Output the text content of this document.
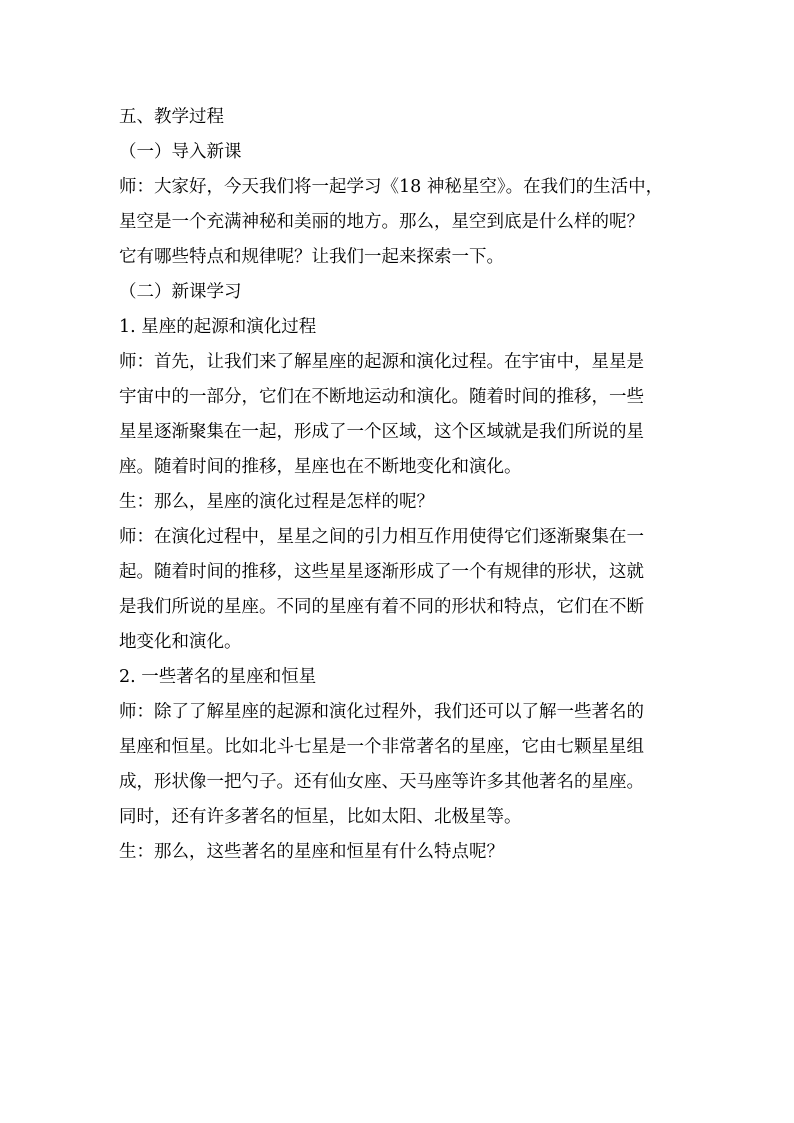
五、教学过程
（一）导入新课
师：大家好，今天我们将一起学习《18 神秘星空》。在我们的生活中，
星空是一个充满神秘和美丽的地方。那么，星空到底是什么样的呢？
它有哪些特点和规律呢？让我们一起来探索一下。
（二）新课学习
1. 星座的起源和演化过程
师：首先，让我们来了解星座的起源和演化过程。在宇宙中，星星是
宇宙中的一部分，它们在不断地运动和演化。随着时间的推移，一些
星星逐渐聚集在一起，形成了一个区域，这个区域就是我们所说的星
座。随着时间的推移，星座也在不断地变化和演化。
生：那么，星座的演化过程是怎样的呢？
师：在演化过程中，星星之间的引力相互作用使得它们逐渐聚集在一
起。随着时间的推移，这些星星逐渐形成了一个有规律的形状，这就
是我们所说的星座。不同的星座有着不同的形状和特点，它们在不断
地变化和演化。
2. 一些著名的星座和恒星
师：除了了解星座的起源和演化过程外，我们还可以了解一些著名的
星座和恒星。比如北斗七星是一个非常著名的星座，它由七颗星星组
成，形状像一把勺子。还有仙女座、天马座等许多其他著名的星座。
同时，还有许多著名的恒星，比如太阳、北极星等。
生：那么，这些著名的星座和恒星有什么特点呢？
